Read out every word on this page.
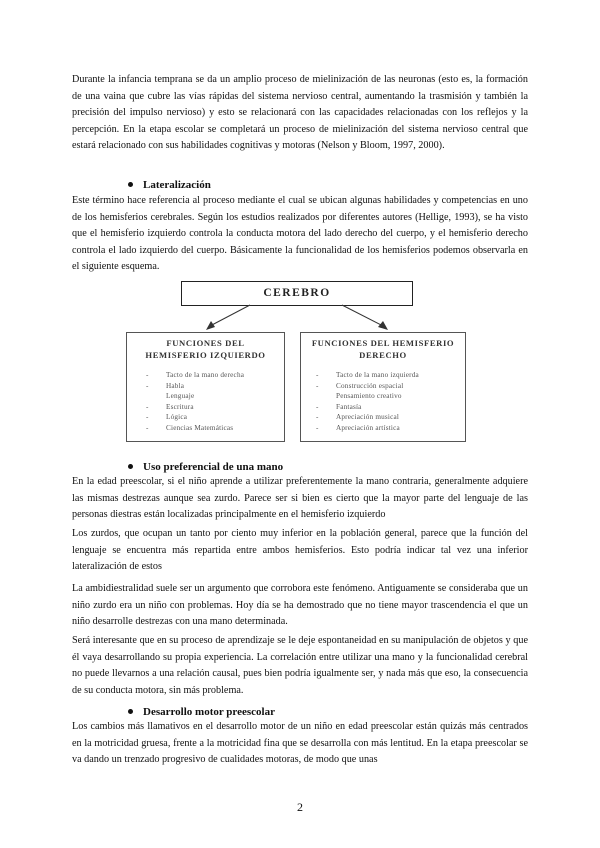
Durante la infancia temprana se da un amplio proceso de mielinización de las neuronas (esto es, la formación de una vaina que cubre las vías rápidas del sistema nervioso central, aumentando la trasmisión y también la precisión del impulso nervioso) y esto se relacionará con las capacidades relacionadas con los reflejos y la percepción. En la etapa escolar se completará un proceso de mielinización del sistema nervioso central que estará relacionado con sus habilidades cognitivas y motoras (Nelson y Bloom, 1997, 2000).

Lateralización

Este término hace referencia al proceso mediante el cual se ubican algunas habilidades y competencias en uno de los hemisferios cerebrales. Según los estudios realizados por diferentes autores (Hellige, 1993), se ha visto que el hemisferio izquierdo controla la conducta motora del lado derecho del cuerpo, y el hemisferio derecho controla el lado izquierdo del cuerpo. Básicamente la funcionalidad de los hemisferios podemos observarla en el siguiente esquema.

CEREBRO
FUNCIONES DEL
HEMISFERIO IZQUIERDO
- Tacto de la mano derecha
- Habla
Lenguaje
- Escritura
- Lógica
- Ciencias Matemáticas
FUNCIONES DEL HEMISFERIO
DERECHO
- Tacto de la mano izquierda
- Construcción espacial
Pensamiento creativo
- Fantasía
- Apreciación musical
- Apreciación artística

Uso preferencial de una mano

En la edad preescolar, si el niño aprende a utilizar preferentemente la mano contraria, generalmente adquiere las mismas destrezas aunque sea zurdo. Parece ser si bien es cierto que la mayor parte del lenguaje de las personas diestras están localizadas principalmente en el hemisferio izquierdo

Los zurdos, que ocupan un tanto por ciento muy inferior en la población general, parece que la función del lenguaje se encuentra más repartida entre ambos hemisferios. Esto podría indicar tal vez una inferior lateralización de estos

La ambidiestralidad suele ser un argumento que corrobora este fenómeno. Antiguamente se consideraba que un niño zurdo era un niño con problemas. Hoy día se ha demostrado que no tiene mayor trascendencia el que un niño desarrolle destrezas con una mano determinada.

Será interesante que en su proceso de aprendizaje se le deje espontaneidad en su manipulación de objetos y que él vaya desarrollando su propia experiencia. La correlación entre utilizar una mano y la funcionalidad cerebral no puede llevarnos a una relación causal, pues bien podría igualmente ser, y nada más que eso, la consecuencia de su conducta motora, sin más problema.

Desarrollo motor preescolar

Los cambios más llamativos en el desarrollo motor de un niño en edad preescolar están quizás más centrados en la motricidad gruesa, frente a la motricidad fina que se desarrolla con más lentitud. En la etapa preescolar se va dando un trenzado progresivo de cualidades motoras, de modo que unas

2
